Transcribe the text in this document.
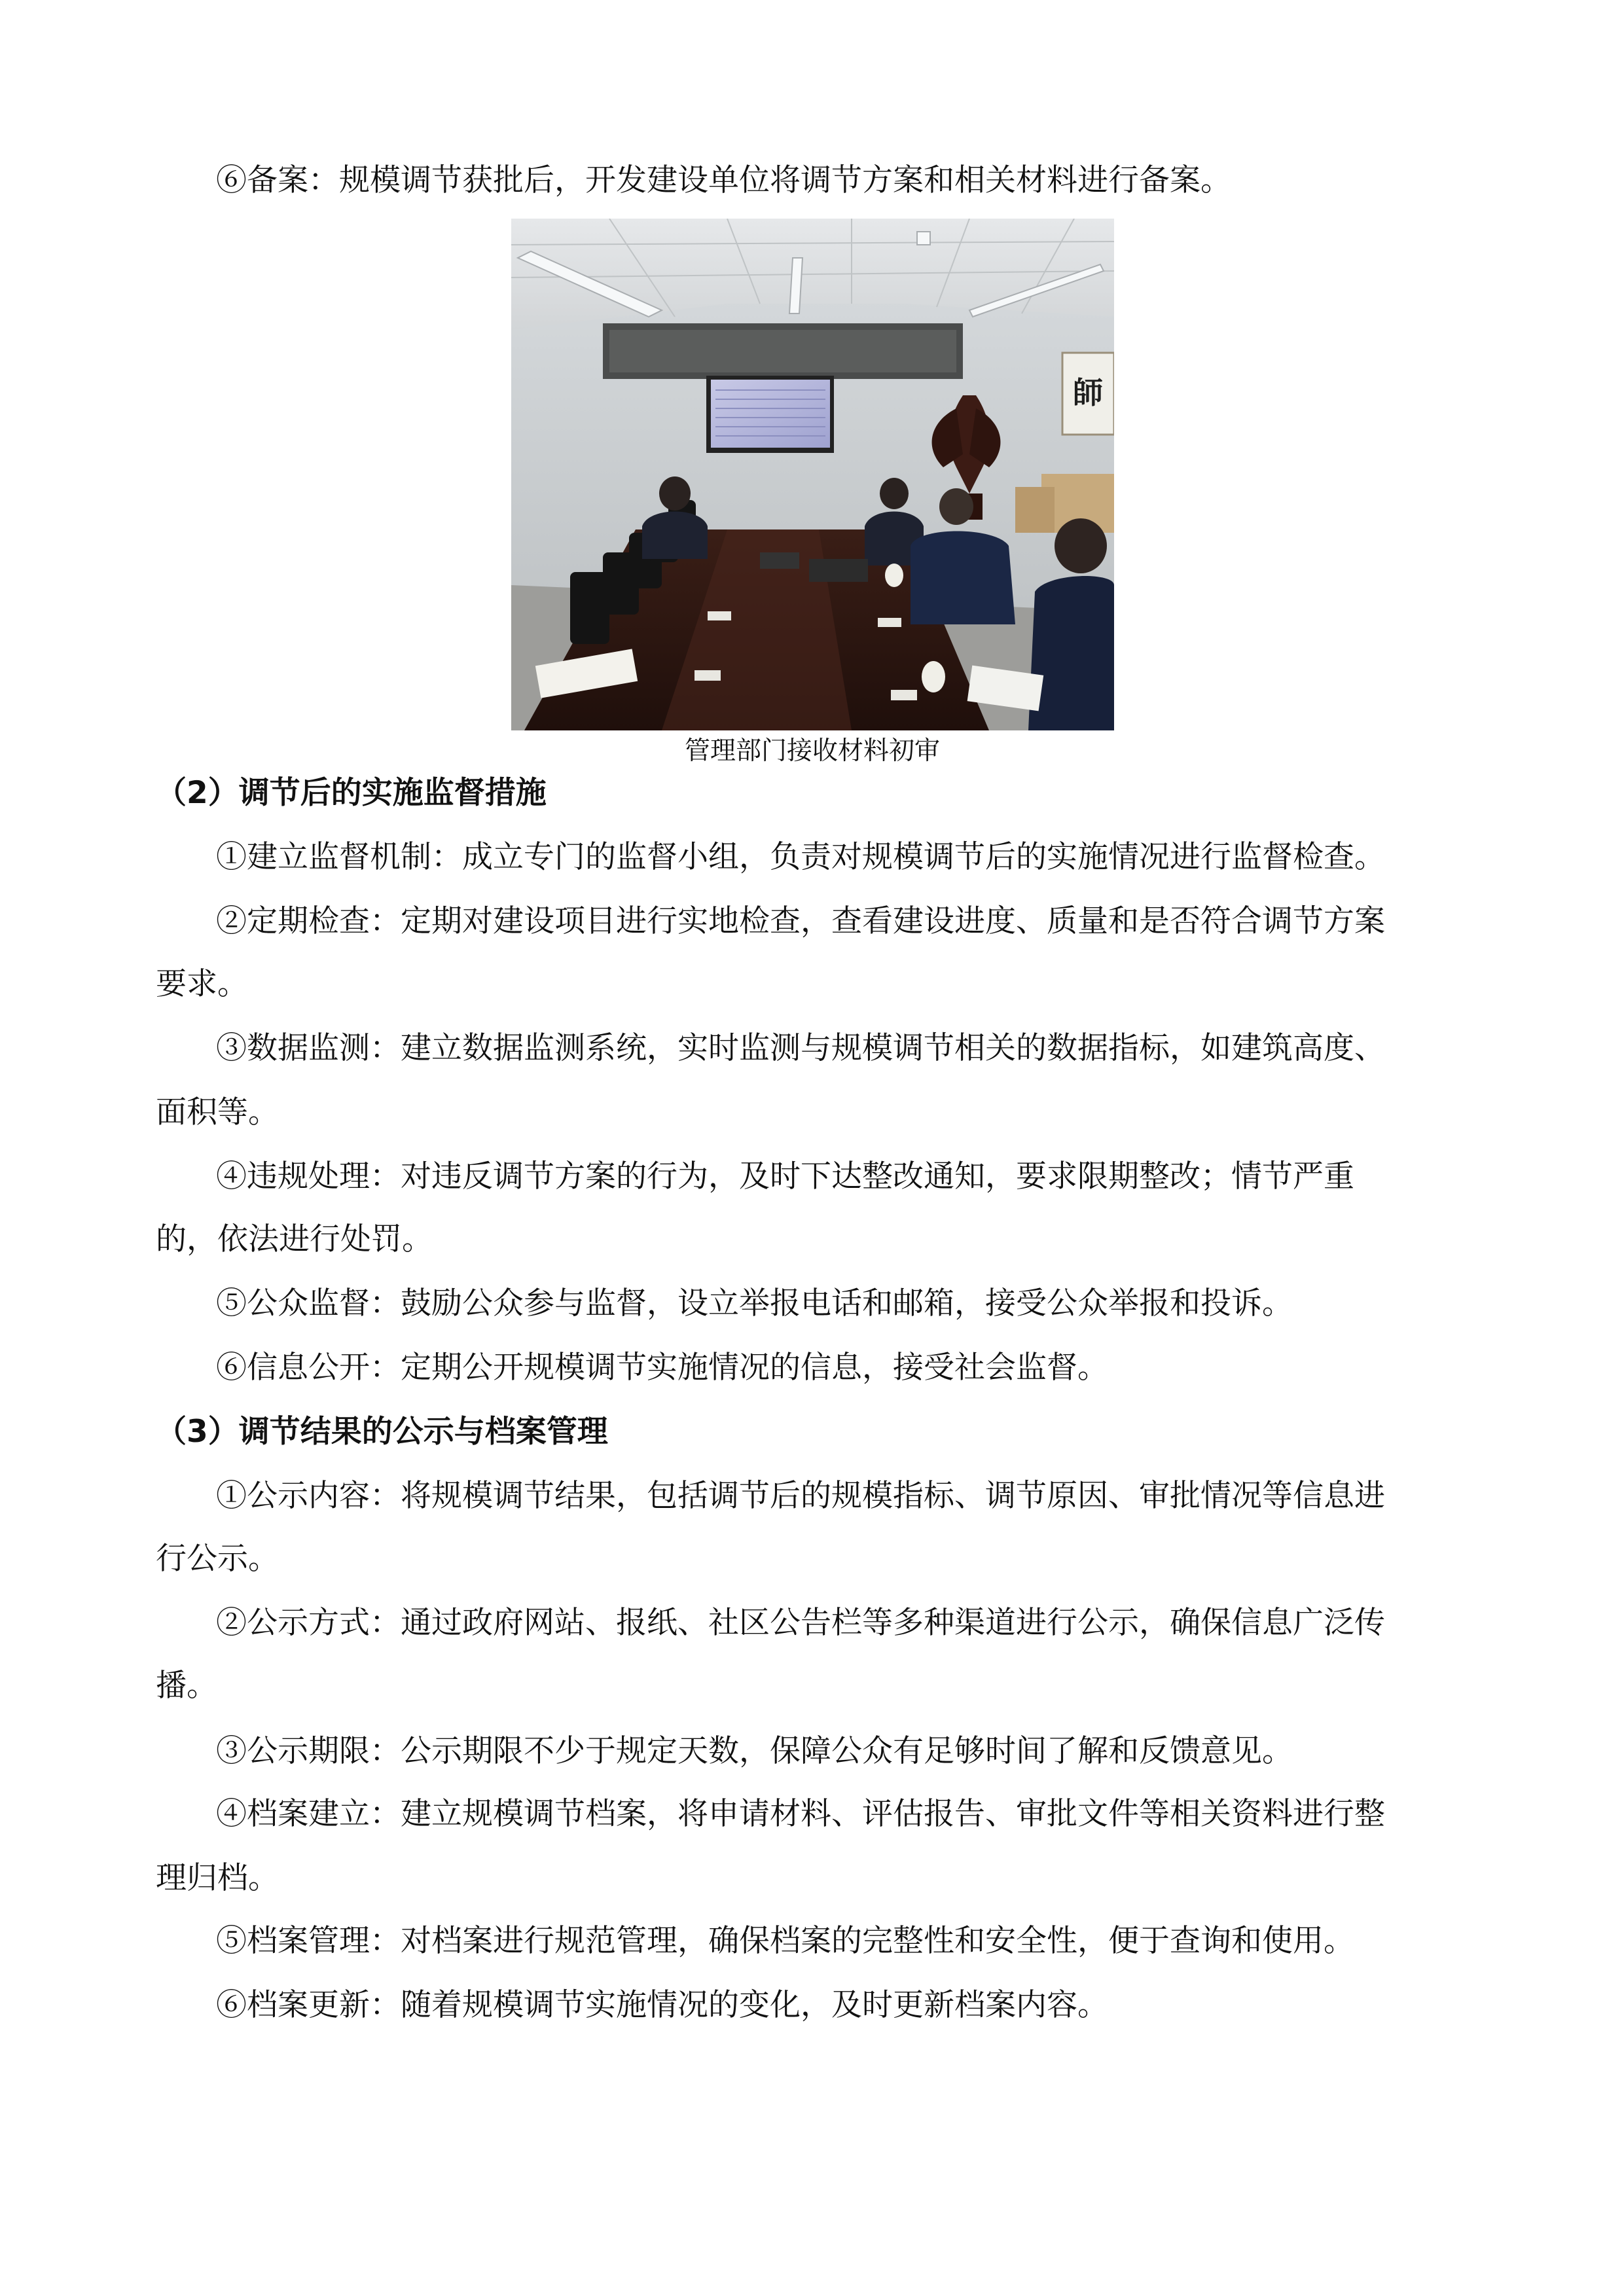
⑥备案：规模调节获批后，开发建设单位将调节方案和相关材料进行备案。

師
管理部门接收材料初审
（2）调节后的实施监督措施

①建立监督机制：成立专门的监督小组，负责对规模调节后的实施情况进行监督检查。

②定期检查：定期对建设项目进行实地检查，查看建设进度、质量和是否符合调节方案

要求。

③数据监测：建立数据监测系统，实时监测与规模调节相关的数据指标，如建筑高度、

面积等。

④违规处理：对违反调节方案的行为，及时下达整改通知，要求限期整改；情节严重

的，依法进行处罚。

⑤公众监督：鼓励公众参与监督，设立举报电话和邮箱，接受公众举报和投诉。

⑥信息公开：定期公开规模调节实施情况的信息，接受社会监督。

（3）调节结果的公示与档案管理

①公示内容：将规模调节结果，包括调节后的规模指标、调节原因、审批情况等信息进

行公示。

②公示方式：通过政府网站、报纸、社区公告栏等多种渠道进行公示，确保信息广泛传

播。

③公示期限：公示期限不少于规定天数，保障公众有足够时间了解和反馈意见。

④档案建立：建立规模调节档案，将申请材料、评估报告、审批文件等相关资料进行整

理归档。

⑤档案管理：对档案进行规范管理，确保档案的完整性和安全性，便于查询和使用。

⑥档案更新：随着规模调节实施情况的变化，及时更新档案内容。
